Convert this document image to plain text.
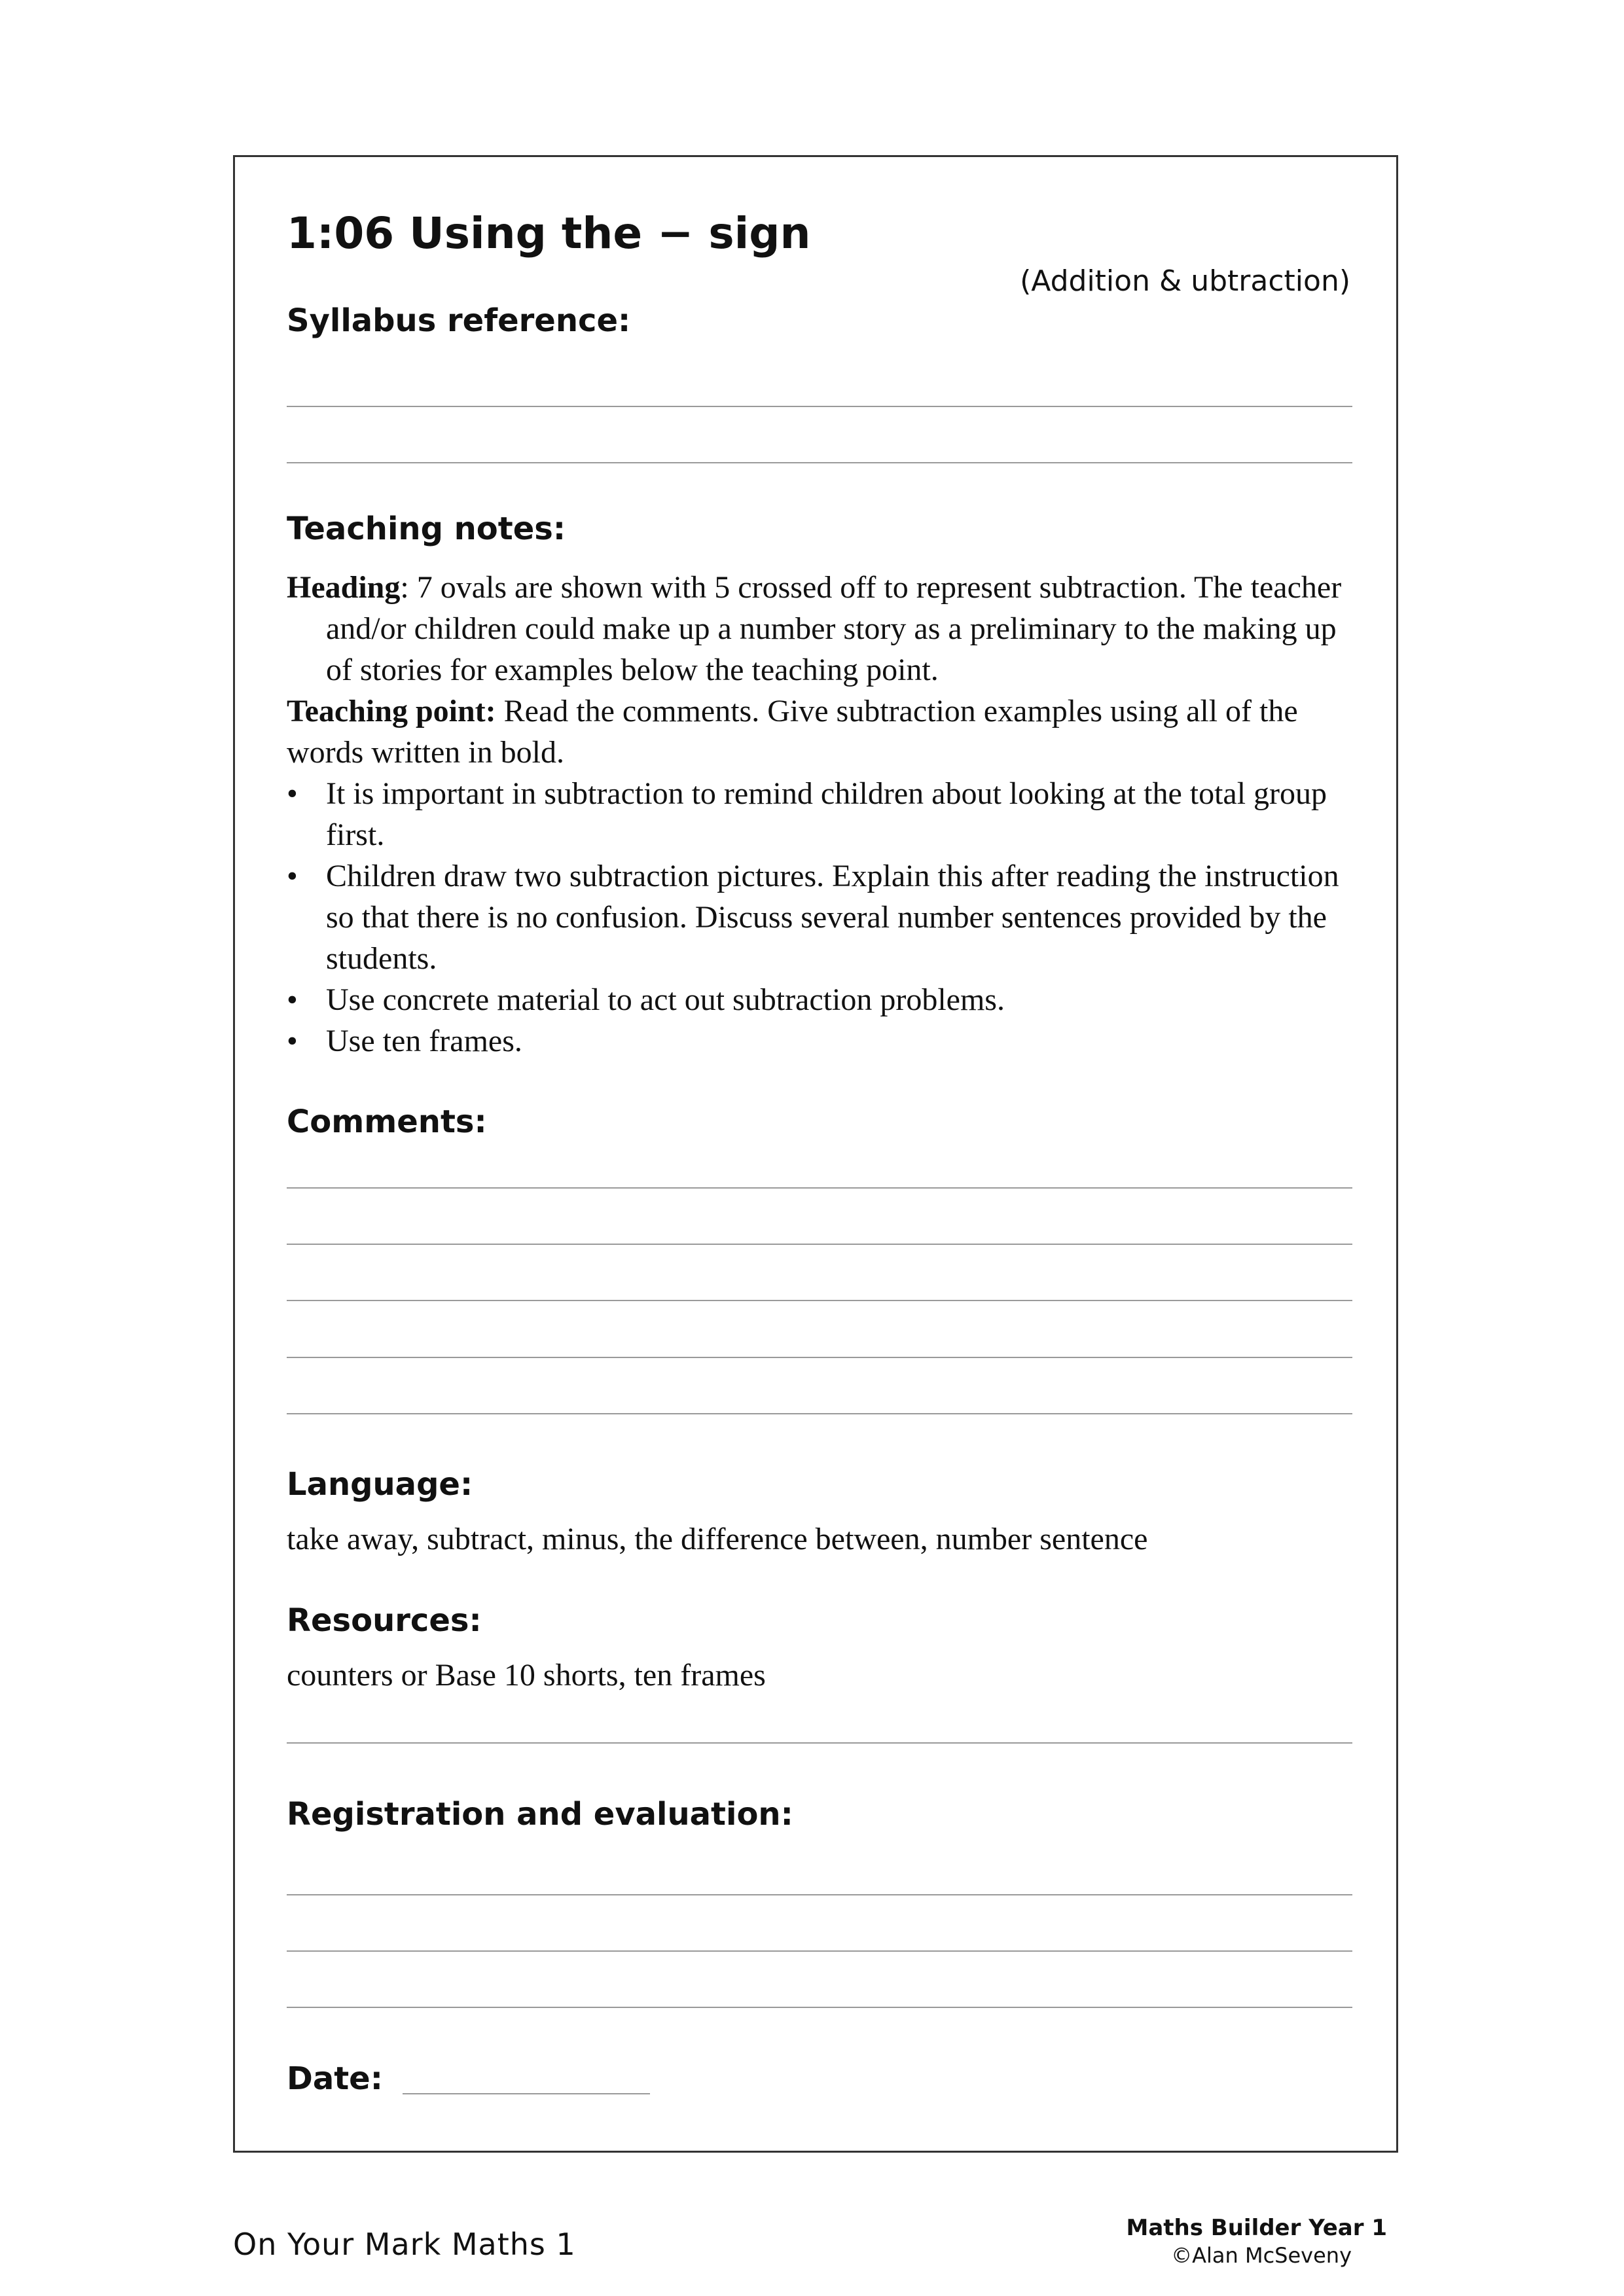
1:06 Using the − sign
(Addition & ubtraction)
Syllabus reference:
Teaching notes:

Heading: 7 ovals are shown with 5 crossed off to represent subtraction. The teacher and/or children could make up a number story as a preliminary to the making up of stories for examples below the teaching point.

Teaching point: Read the comments. Give subtraction examples using all of the words written in bold.

• It is important in subtraction to remind children about looking at the total group first.
• Children draw two subtraction pictures. Explain this after reading the instruction so that there is no confusion. Discuss several number sentences provided by the students.
• Use concrete material to act out subtraction problems.
• Use ten frames.
Comments:
Language:
take away, subtract, minus, the difference between, number sentence
Resources:
counters or Base 10 shorts, ten frames
Registration and evaluation:
Date:
On Your Mark Maths 1	Maths Builder Year 1
©Alan McSeveny
